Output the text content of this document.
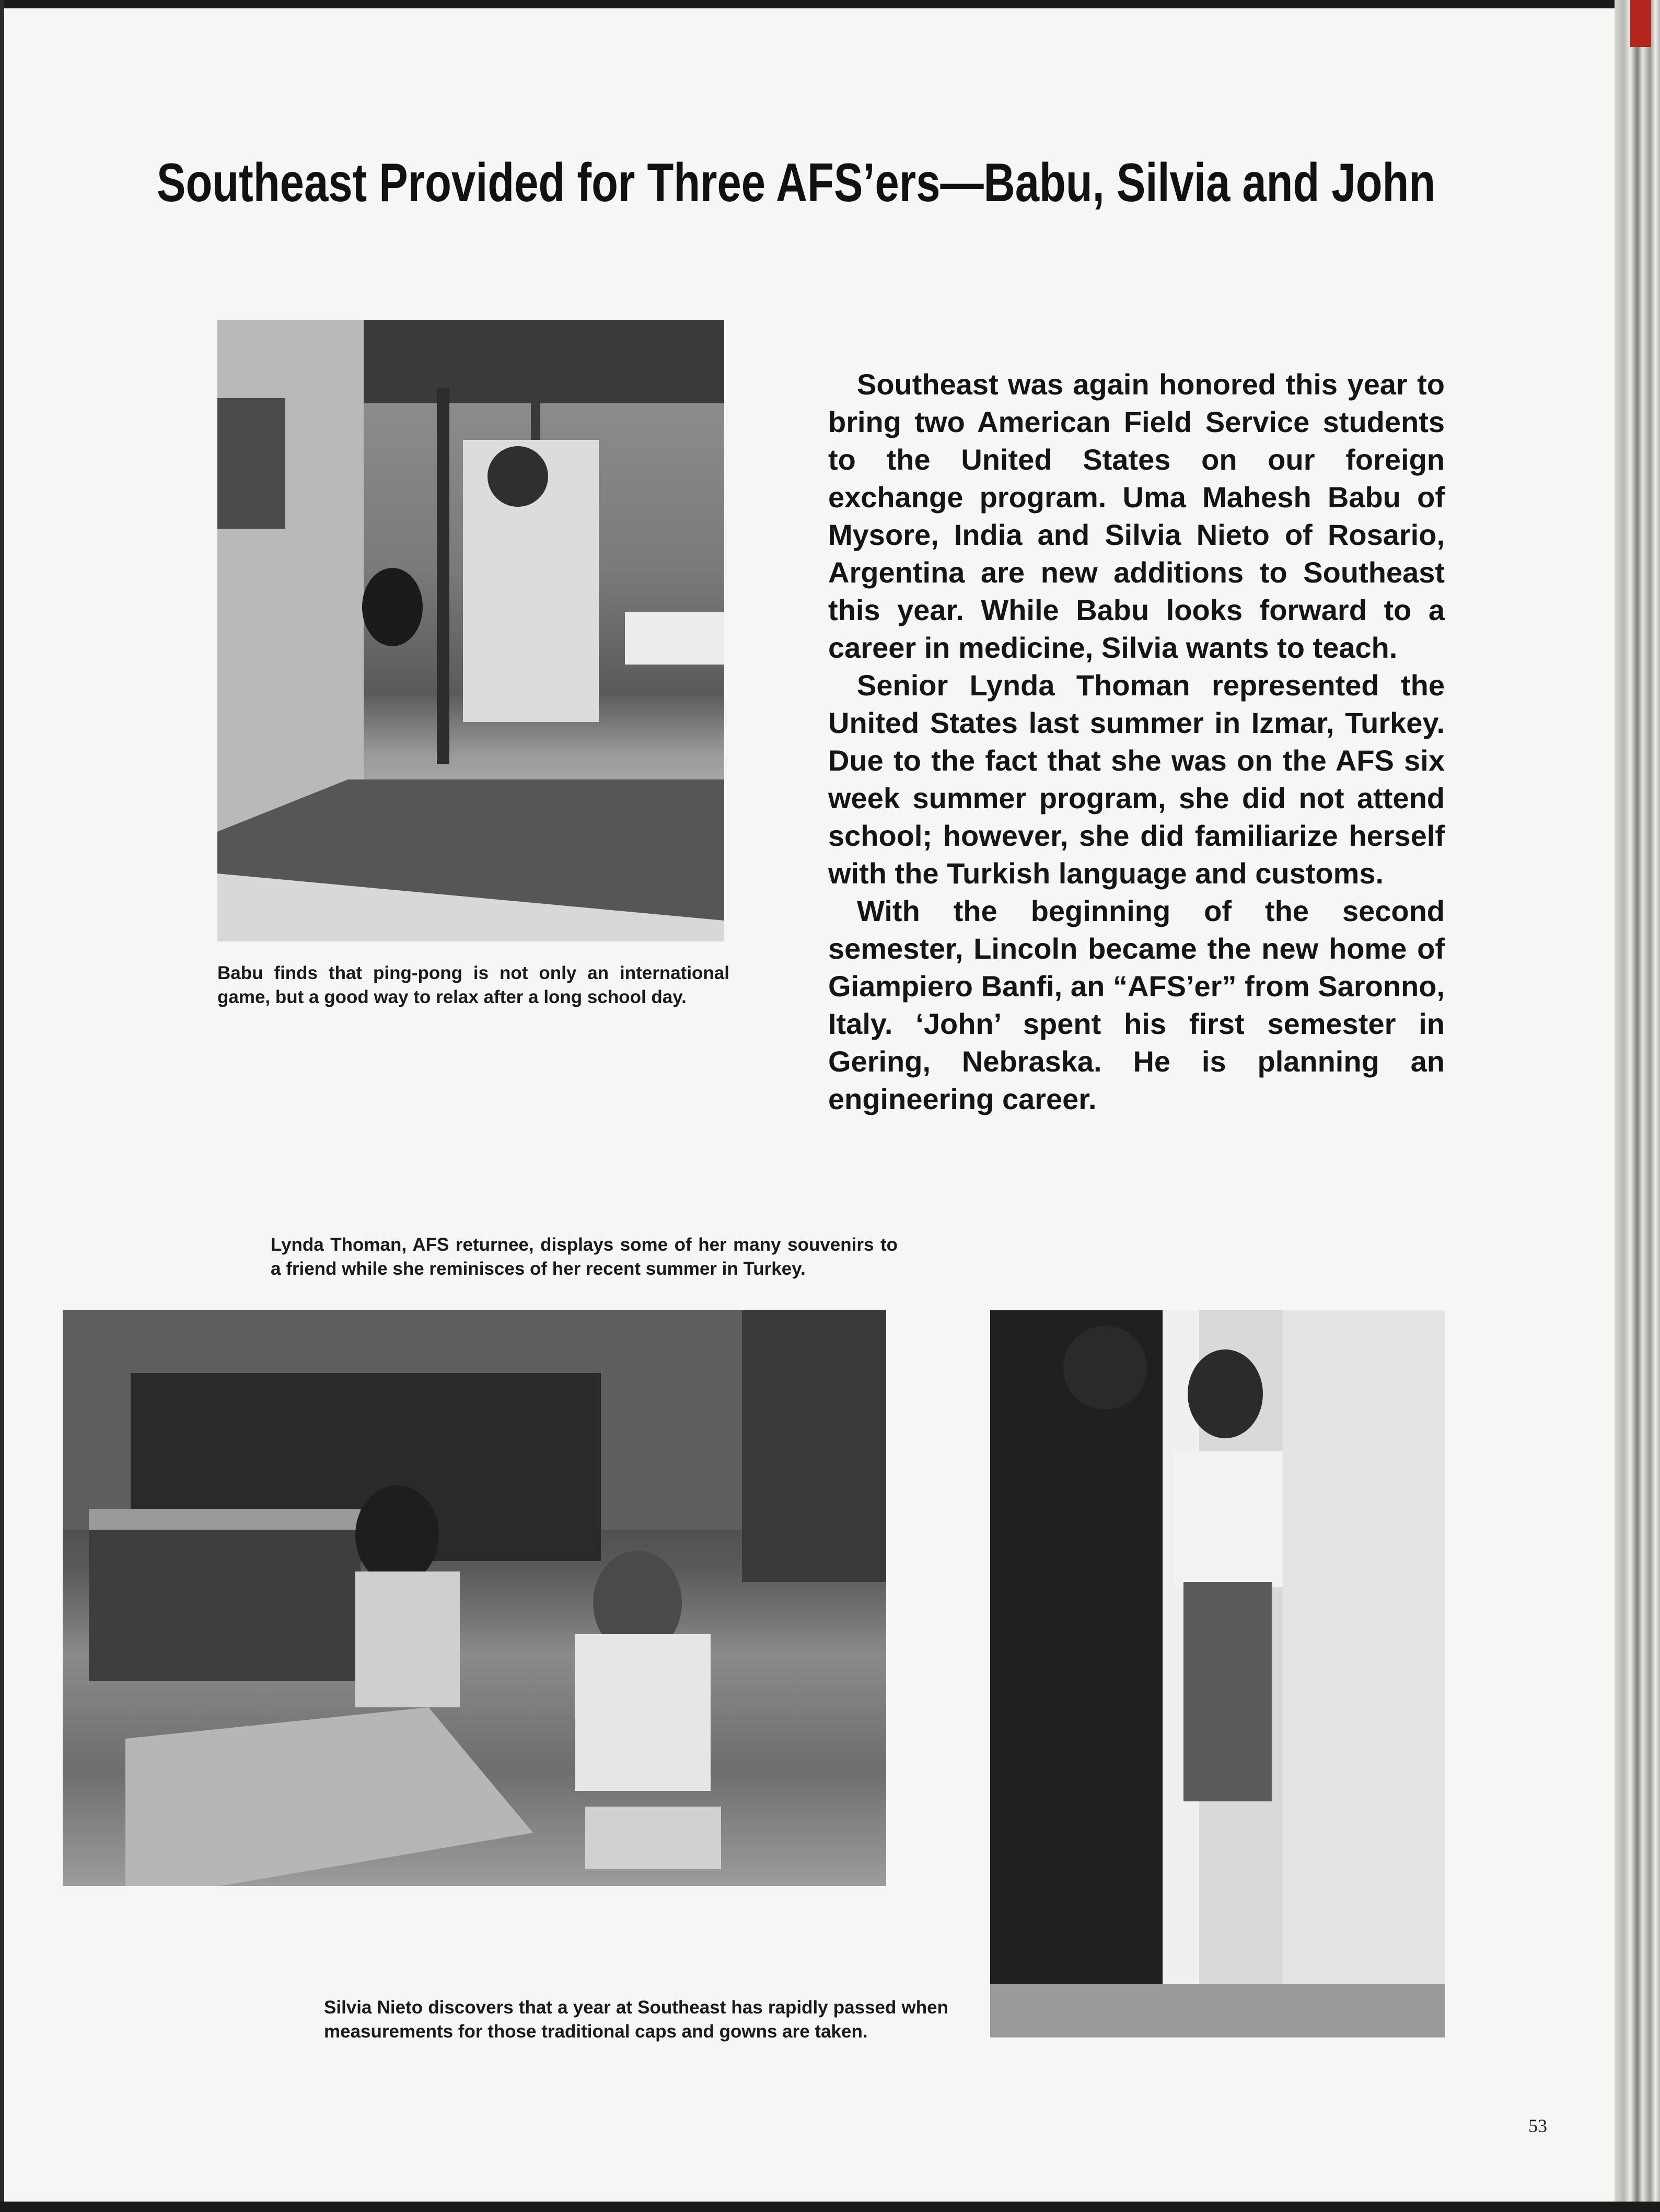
Southeast Provided for Three AFS’ers—Babu, Silvia and John
Babu finds that ping-pong is not only an international game, but a good way to relax after a long school day.

Southeast was again honored this year to bring two American Field Service students to the United States on our foreign exchange program. Uma Mahesh Babu of Mysore, India and Silvia Nieto of Rosario, Argentina are new additions to Southeast this year. While Babu looks forward to a career in medicine, Silvia wants to teach.

Senior Lynda Thoman represented the United States last summer in Izmar, Turkey. Due to the fact that she was on the AFS six week summer program, she did not attend school; however, she did familiarize herself with the Turkish language and customs.

With the beginning of the second semester, Lincoln became the new home of Giampiero Banfi, an “AFS’er” from Saronno, Italy. ‘John’ spent his first semester in Gering, Nebraska. He is planning an engineering career.

Lynda Thoman, AFS returnee, displays some of her many souvenirs to a friend while she reminisces of her recent summer in Turkey.
Silvia Nieto discovers that a year at Southeast has rapidly passed when measurements for those traditional caps and gowns are taken.
53
